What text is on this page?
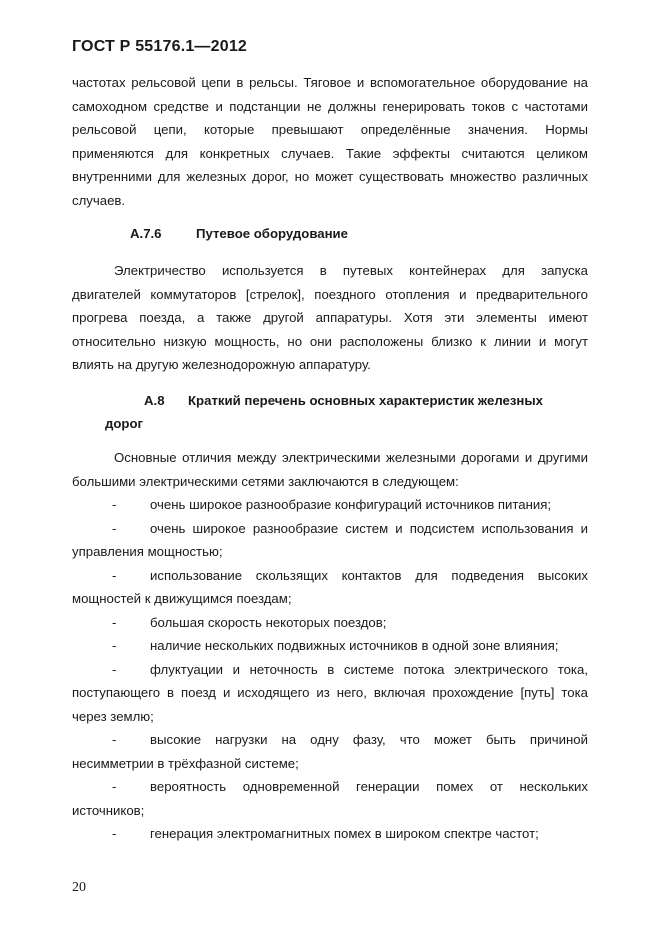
ГОСТ Р 55176.1—2012
частотах рельсовой цепи в рельсы. Тяговое и вспомогательное оборудование на
самоходном средстве и подстанции не должны генерировать токов с частотами
рельсовой цепи, которые превышают определённые значения. Нормы
применяются для конкретных случаев. Такие эффекты считаются целиком
внутренними для железных дорог, но может существовать множество различных
случаев.
А.7.6	Путевое оборудование
Электричество используется в путевых контейнерах для запуска
двигателей коммутаторов [стрелок], поездного отопления и предварительного
прогрева поезда, а также другой аппаратуры. Хотя эти элементы имеют
относительно низкую мощность, но они расположены близко к линии и могут
влиять на другую железнодорожную аппаратуру.
А.8 Краткий перечень основных характеристик железных
дорог
Основные отличия между электрическими железными дорогами и другими
большими электрическими сетями заключаются в следующем:
-	очень широкое разнообразие конфигураций источников питания;
-	очень широкое разнообразие систем и подсистем использования и
управления мощностью;
-	использование скользящих контактов для подведения высоких
мощностей к движущимся поездам;
-	большая скорость некоторых поездов;
-	наличие нескольких подвижных источников в одной зоне влияния;
-	флуктуации и неточность в системе потока электрического тока,
поступающего в поезд и исходящего из него, включая прохождение [путь] тока
через землю;
-	высокие нагрузки на одну фазу, что может быть причиной
несимметрии в трёхфазной системе;
-	вероятность одновременной генерации помех от нескольких
источников;
-	генерация электромагнитных помех в широком спектре частот;
20
